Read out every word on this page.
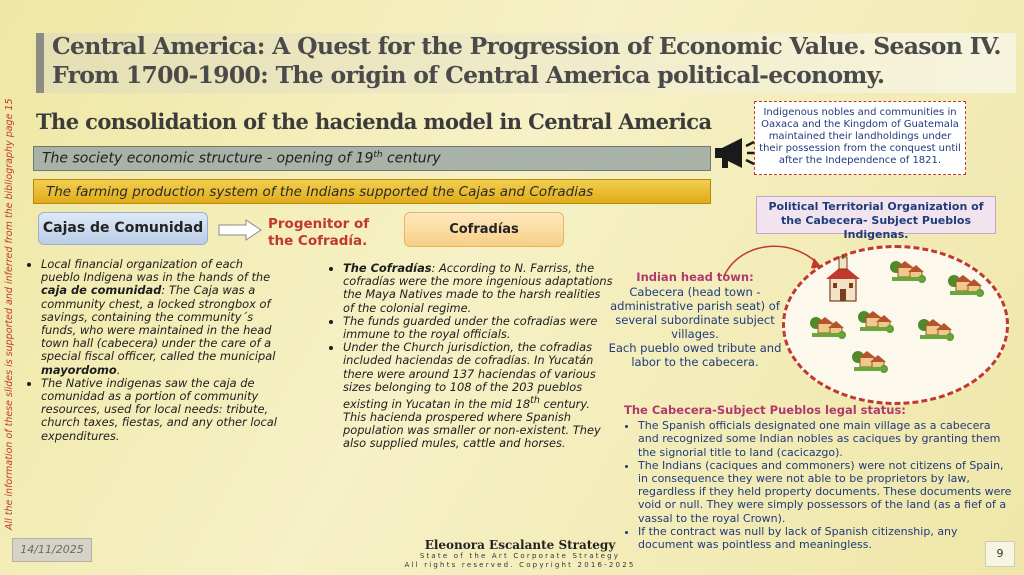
Central America: A Quest for the Progression of Economic Value. Season IV.
From 1700-1900: The origin of Central America political-economy.
The consolidation of the hacienda model in Central America
The society economic structure - opening of 19th century
The farming production system of the Indians supported the Cajas and Cofradias
Cajas de Comunidad	Progenitor of
the Cofradía.
Cofradías
• Local financial organization of each pueblo Indigena was in the hands of the caja de comunidad: The Caja was a community chest, a locked strongbox of savings, containing the community´s funds, who were maintained in the head town hall (cabecera) under the care of a special fiscal officer, called the municipal mayordomo.
• The Native indigenas saw the caja de comunidad as a portion of community resources, used for local needs: tribute, church taxes, fiestas, and any other local expenditures.
• The Cofradías: According to N. Farriss, the cofradías were the more ingenious adaptations the Maya Natives made to the harsh realities of the colonial regime.
• The funds guarded under the cofradias were immune to the royal officials.
• Under the Church jurisdiction, the cofradias included haciendas de cofradías. In Yucatán there were around 137 haciendas of various sizes belonging to 108 of the 203 pueblos existing in Yucatan in the mid 18th century. This hacienda prospered where Spanish population was smaller or non-existent. They also supplied mules, cattle and horses.
Indigenous nobles and communities in Oaxaca and the Kingdom of Guatemala maintained their landholdings under their possession from the conquest until after the Independence of 1821.
Political Territorial Organization of the Cabecera- Subject Pueblos Indigenas.
Indian head town:
Cabecera (head town - administrative parish seat) of several subordinate subject villages.
Each pueblo owed tribute and labor to the cabecera.
The Cabecera-Subject Pueblos legal status:
• The Spanish officials designated one main village as a cabecera and recognized some Indian nobles as caciques by granting them the signorial title to land (cacicazgo).
• The Indians (caciques and commoners) were not citizens of Spain, in consequence they were not able to be proprietors by law, regardless if they held property documents. These documents were void or null. They were simply possessors of the land (as a fief of a vassal to the royal Crown).
• If the contract was null by lack of Spanish citizenship, any document was pointless and meaningless.
All the information of these slides is supported and inferred from the bibliography page 15
14/11/2025	Eleonora Escalante Strategy
State of the Art Corporate Strategy
All rights reserved. Copyright 2016-2025
9
